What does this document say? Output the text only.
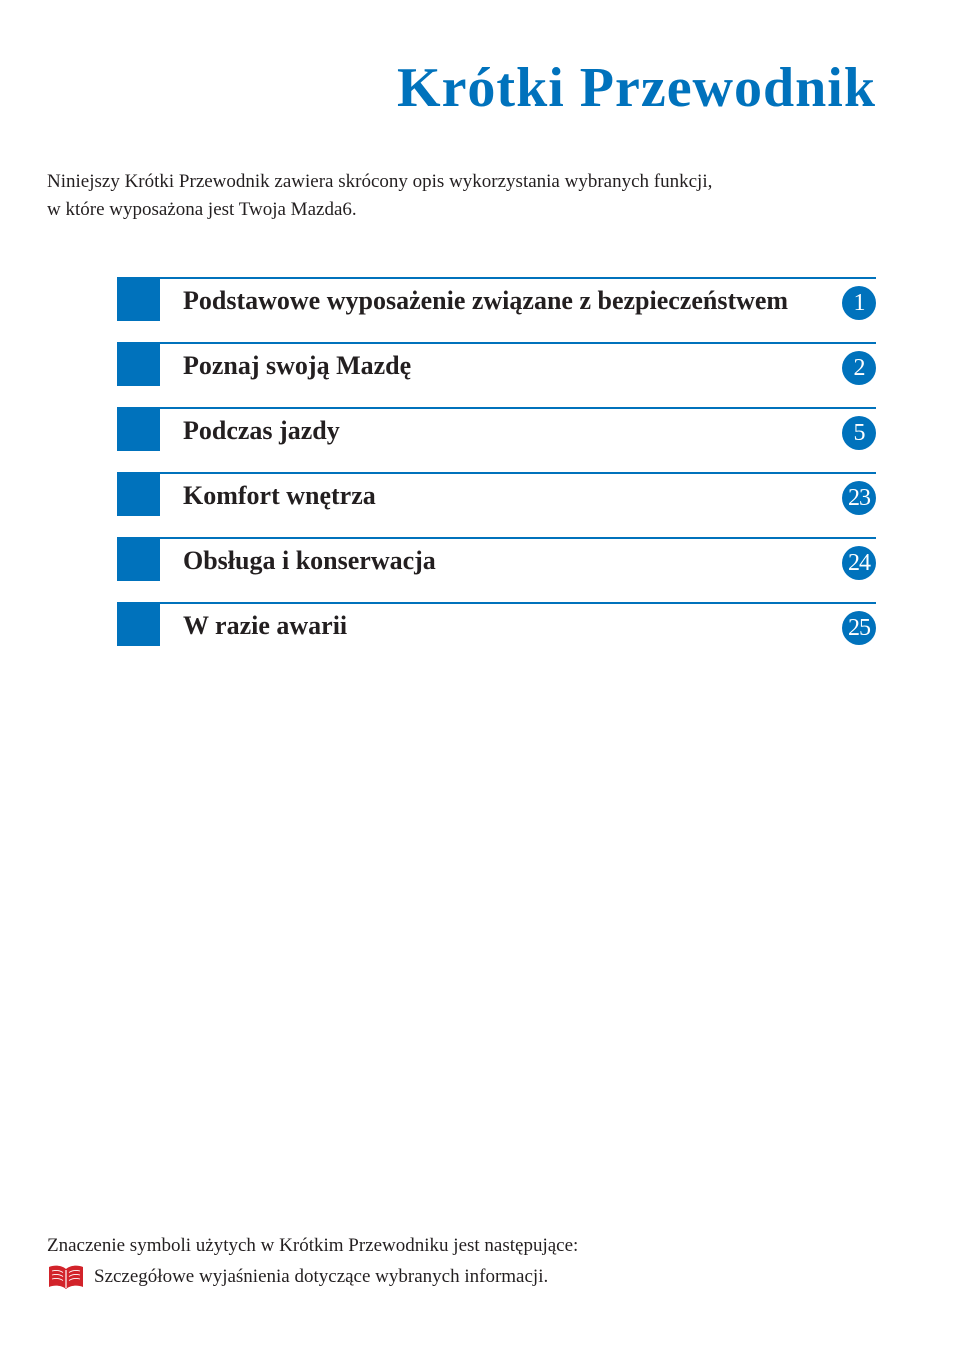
Krótki Przewodnik
Niniejszy Krótki Przewodnik zawiera skrócony opis wykorzystania wybranych funkcji,
w które wyposażona jest Twoja Mazda6.
Podstawowe wyposażenie związane z bezpieczeństwem	1
Poznaj swoją Mazdę	2
Podczas jazdy	5
Komfort wnętrza	23
Obsługa i konserwacja	24
W razie awarii	25
Znaczenie symboli użytych w Krótkim Przewodniku jest następujące:
Szczegółowe wyjaśnienia dotyczące wybranych informacji.
